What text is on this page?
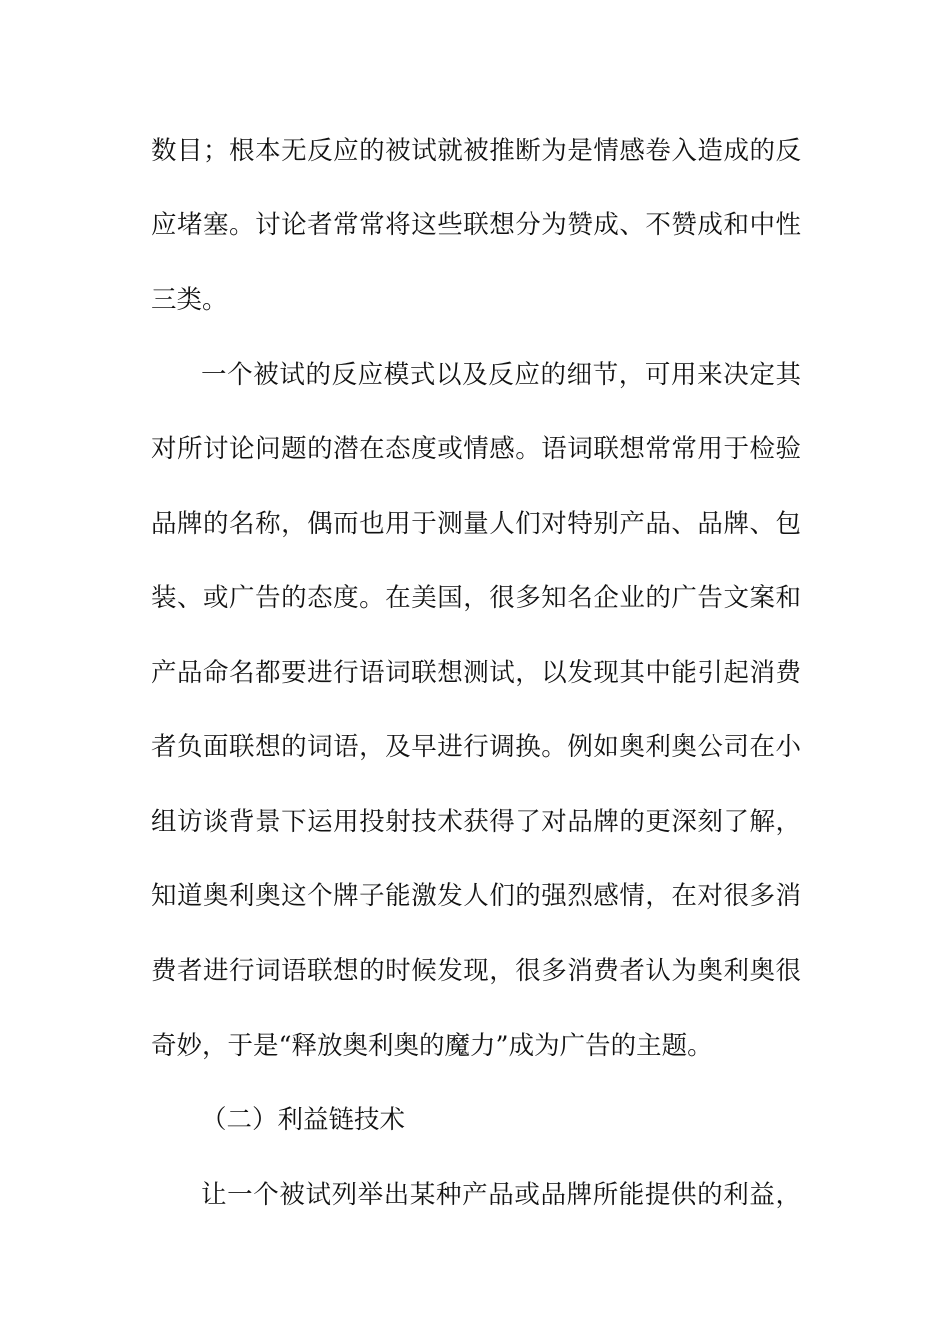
数目；根本无反应的被试就被推断为是情感卷入造成的反
应堵塞。讨论者常常将这些联想分为赞成、不赞成和中性
三类。
一个被试的反应模式以及反应的细节，可用来决定其
对所讨论问题的潜在态度或情感。语词联想常常用于检验
品牌的名称，偶而也用于测量人们对特别产品、品牌、包
装、或广告的态度。在美国，很多知名企业的广告文案和
产品命名都要进行语词联想测试，以发现其中能引起消费
者负面联想的词语，及早进行调换。例如奥利奥公司在小
组访谈背景下运用投射技术获得了对品牌的更深刻了解，
知道奥利奥这个牌子能激发人们的强烈感情，在对很多消
费者进行词语联想的时候发现，很多消费者认为奥利奥很
奇妙，于是“释放奥利奥的魔力”成为广告的主题。
（二）利益链技术
让一个被试列举出某种产品或品牌所能提供的利益，
